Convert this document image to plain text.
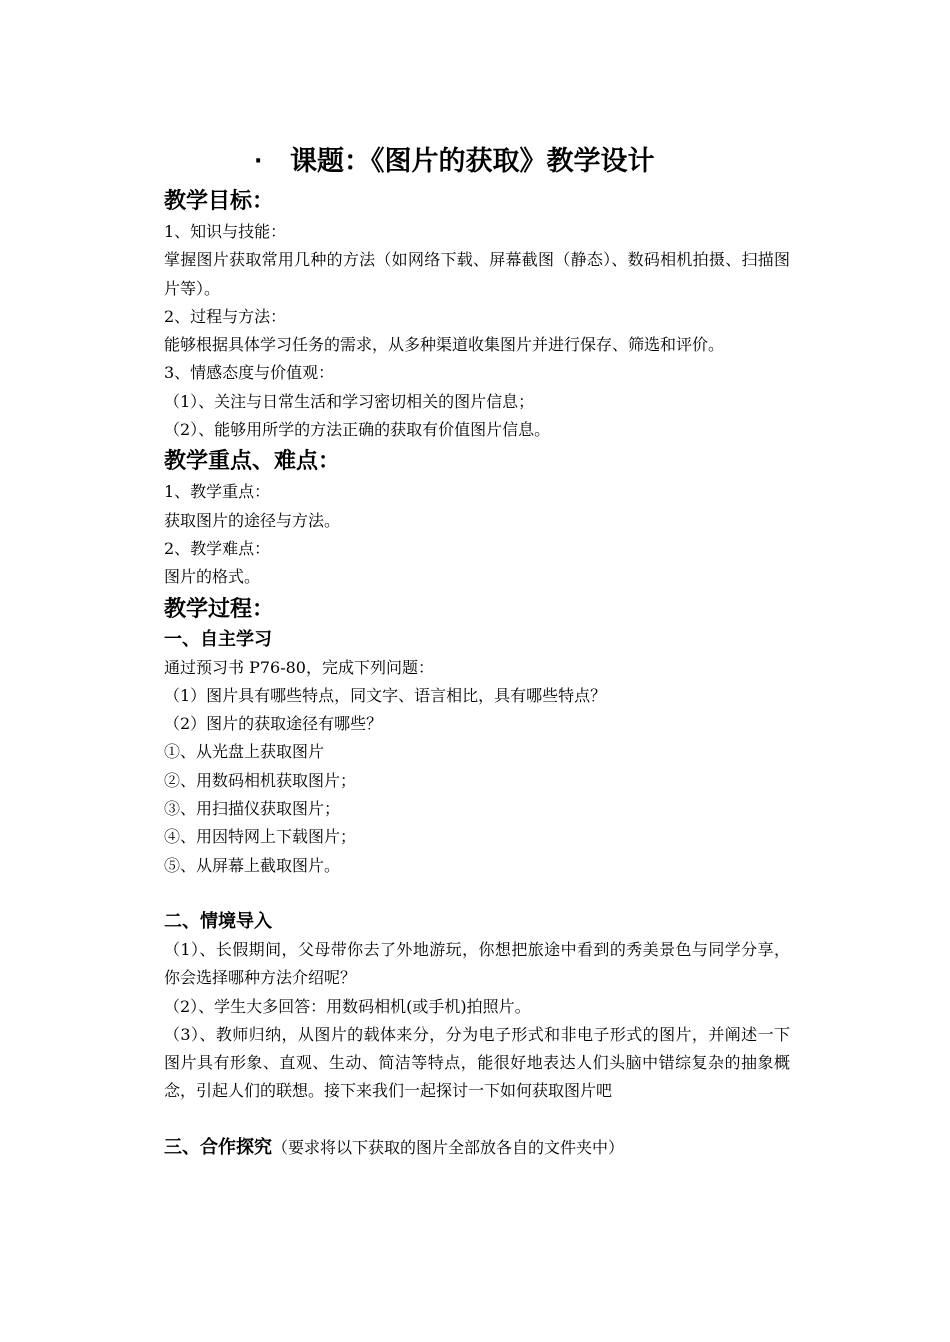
· 课题：《图片的获取》教学设计
教学目标：
1、知识与技能：
掌握图片获取常用几种的方法（如网络下载、屏幕截图（静态）、数码相机拍摄、扫描图片等）。
2、过程与方法：
能够根据具体学习任务的需求，从多种渠道收集图片并进行保存、筛选和评价。
3、情感态度与价值观：
（1）、关注与日常生活和学习密切相关的图片信息；
（2）、能够用所学的方法正确的获取有价值图片信息。
教学重点、难点：
1、教学重点：
获取图片的途径与方法。
2、教学难点：
图片的格式。
教学过程：
一、自主学习
通过预习书 P76-80，完成下列问题：
（1）图片具有哪些特点，同文字、语言相比，具有哪些特点？
（2）图片的获取途径有哪些？
①、从光盘上获取图片
②、用数码相机获取图片；
③、用扫描仪获取图片；
④、用因特网上下载图片；
⑤、从屏幕上截取图片。
二、情境导入
（1）、长假期间，父母带你去了外地游玩，你想把旅途中看到的秀美景色与同学分享，你会选择哪种方法介绍呢？
（2）、学生大多回答：用数码相机(或手机)拍照片。
（3）、教师归纳，从图片的载体来分，分为电子形式和非电子形式的图片，并阐述一下图片具有形象、直观、生动、简洁等特点，能很好地表达人们头脑中错综复杂的抽象概念，引起人们的联想。接下来我们一起探讨一下如何获取图片吧
三、合作探究（要求将以下获取的图片全部放各自的文件夹中）
